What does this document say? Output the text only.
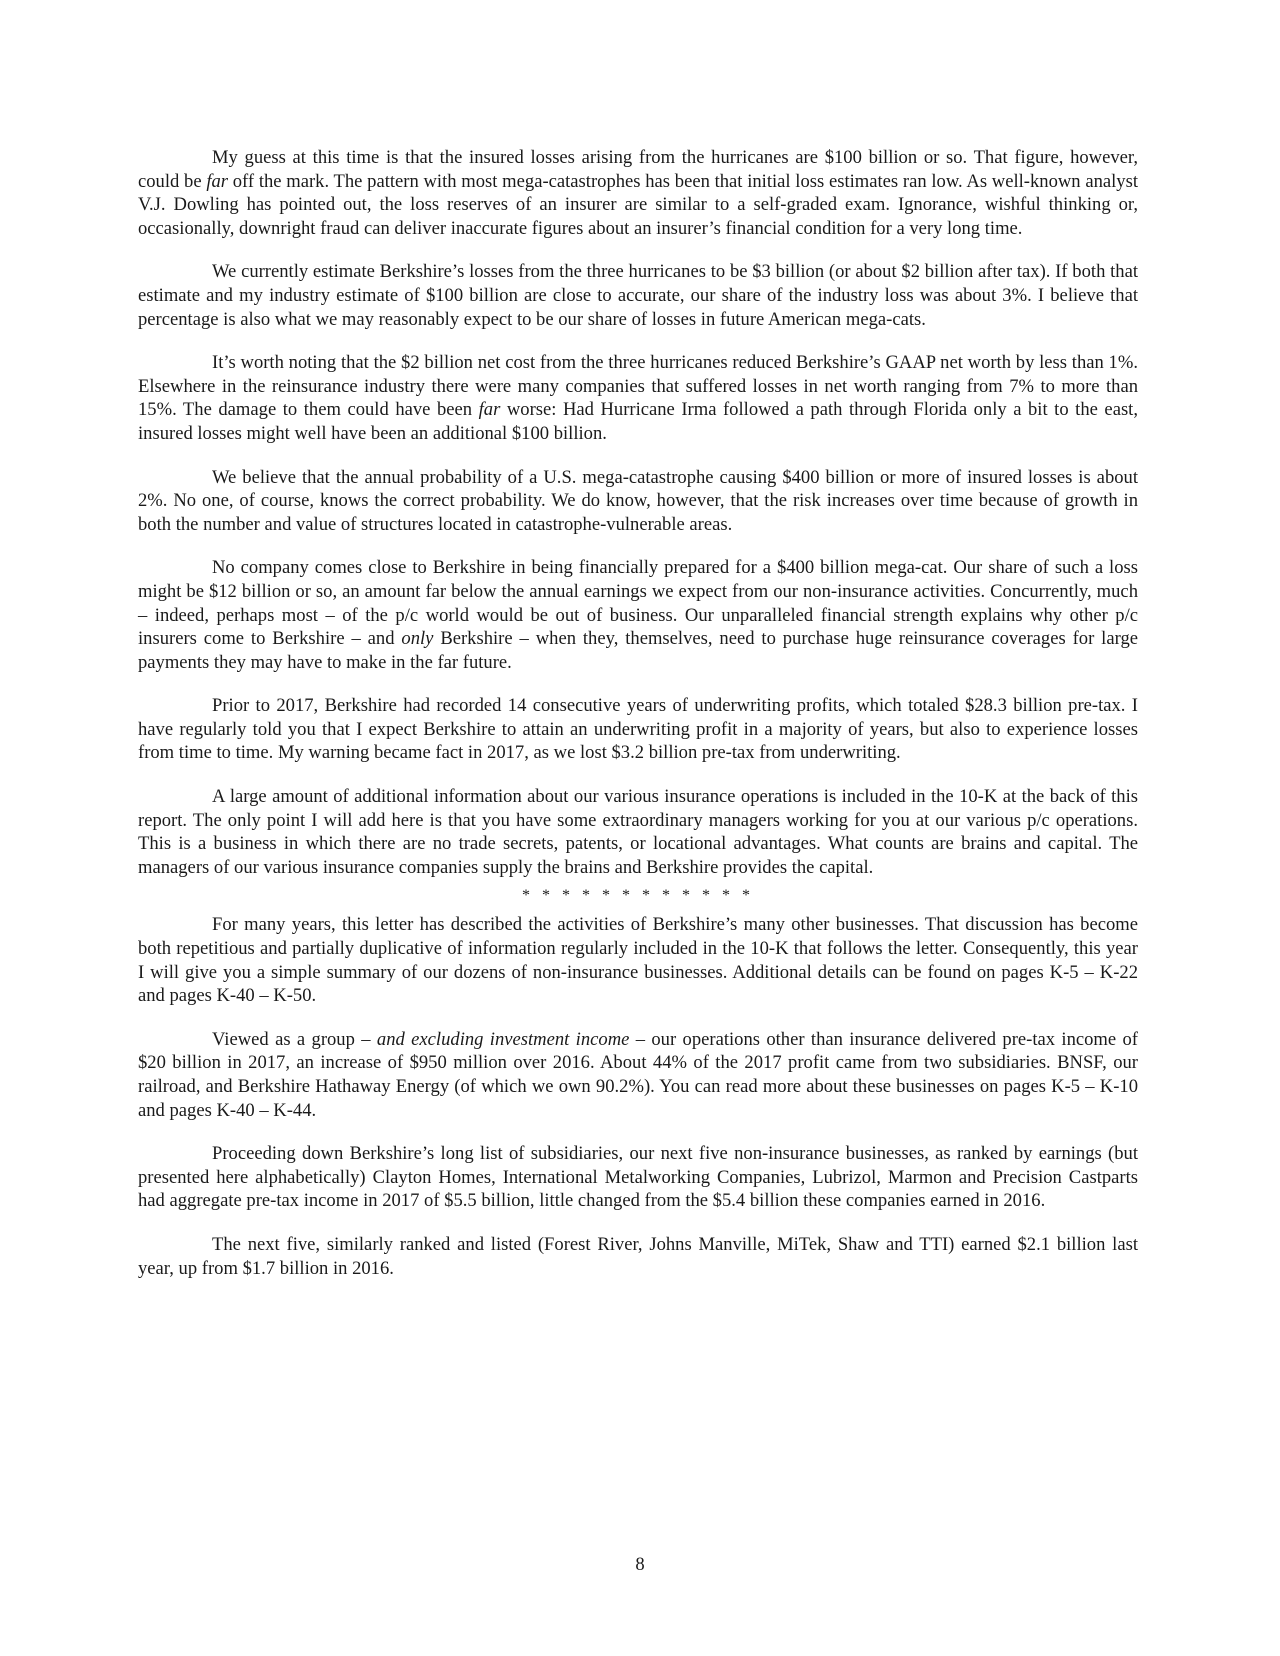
My guess at this time is that the insured losses arising from the hurricanes are $100 billion or so. That figure, however, could be far off the mark. The pattern with most mega-catastrophes has been that initial loss estimates ran low. As well-known analyst V.J. Dowling has pointed out, the loss reserves of an insurer are similar to a self-graded exam. Ignorance, wishful thinking or, occasionally, downright fraud can deliver inaccurate figures about an insurer’s financial condition for a very long time.

We currently estimate Berkshire’s losses from the three hurricanes to be $3 billion (or about $2 billion after tax). If both that estimate and my industry estimate of $100 billion are close to accurate, our share of the industry loss was about 3%. I believe that percentage is also what we may reasonably expect to be our share of losses in future American mega-cats.

It’s worth noting that the $2 billion net cost from the three hurricanes reduced Berkshire’s GAAP net worth by less than 1%. Elsewhere in the reinsurance industry there were many companies that suffered losses in net worth ranging from 7% to more than 15%. The damage to them could have been far worse: Had Hurricane Irma followed a path through Florida only a bit to the east, insured losses might well have been an additional $100 billion.

We believe that the annual probability of a U.S. mega-catastrophe causing $400 billion or more of insured losses is about 2%. No one, of course, knows the correct probability. We do know, however, that the risk increases over time because of growth in both the number and value of structures located in catastrophe-vulnerable areas.

No company comes close to Berkshire in being financially prepared for a $400 billion mega-cat. Our share of such a loss might be $12 billion or so, an amount far below the annual earnings we expect from our non-insurance activities. Concurrently, much – indeed, perhaps most – of the p/c world would be out of business. Our unparalleled financial strength explains why other p/c insurers come to Berkshire – and only Berkshire – when they, themselves, need to purchase huge reinsurance coverages for large payments they may have to make in the far future.

Prior to 2017, Berkshire had recorded 14 consecutive years of underwriting profits, which totaled $28.3 billion pre-tax. I have regularly told you that I expect Berkshire to attain an underwriting profit in a majority of years, but also to experience losses from time to time. My warning became fact in 2017, as we lost $3.2 billion pre-tax from underwriting.

A large amount of additional information about our various insurance operations is included in the 10-K at the back of this report. The only point I will add here is that you have some extraordinary managers working for you at our various p/c operations. This is a business in which there are no trade secrets, patents, or locational advantages. What counts are brains and capital. The managers of our various insurance companies supply the brains and Berkshire provides the capital.

* * * * * * * * * * * *

For many years, this letter has described the activities of Berkshire’s many other businesses. That discussion has become both repetitious and partially duplicative of information regularly included in the 10-K that follows the letter. Consequently, this year I will give you a simple summary of our dozens of non-insurance businesses. Additional details can be found on pages K-5 – K-22 and pages K-40 – K-50.

Viewed as a group – and excluding investment income – our operations other than insurance delivered pre-tax income of $20 billion in 2017, an increase of $950 million over 2016. About 44% of the 2017 profit came from two subsidiaries. BNSF, our railroad, and Berkshire Hathaway Energy (of which we own 90.2%). You can read more about these businesses on pages K-5 – K-10 and pages K-40 – K-44.

Proceeding down Berkshire’s long list of subsidiaries, our next five non-insurance businesses, as ranked by earnings (but presented here alphabetically) Clayton Homes, International Metalworking Companies, Lubrizol, Marmon and Precision Castparts had aggregate pre-tax income in 2017 of $5.5 billion, little changed from the $5.4 billion these companies earned in 2016.

The next five, similarly ranked and listed (Forest River, Johns Manville, MiTek, Shaw and TTI) earned $2.1 billion last year, up from $1.7 billion in 2016.

8
